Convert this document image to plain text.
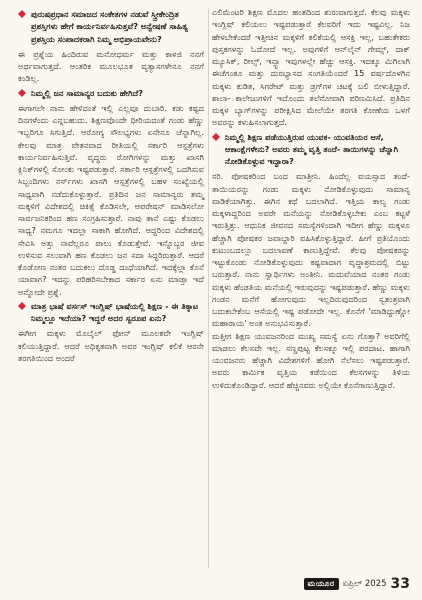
ಪುರುಷಪ್ರಧಾನ ಸಮಾಜದ ಸಂಕೇತಗಳ ನಡುವೆ ಸ್ತ್ರೀಕೇಂದ್ರಿತ ಪ್ರಶಸ್ತಿಗಳು ಹೇಗೆ ಕಾರ್ಯನಿರ್ವಹಿಸುತ್ತವೆ? ಅನ್ವೇಷಣೆ ಸಾಹಿತ್ಯ ಪ್ರಶಸ್ತಿಯ ಸಂಪಾದಕರಾಗಿ ನಿಮ್ಮ ಅಭಿಪ್ರಾಯವೇನು?

ಈ ಪ್ರಶ್ನೆಯ ಹಿಂದಿರುವ ಮನೋಧರ್ಮ ಮತ್ತು ಕಾಳಜಿ ನನಗೆ ಅರ್ಥವಾಗುತ್ತದೆ. ಆಂತರಿಕ ಮೂಲಭೂತ ವ್ಯತ್ಯಾಸಗಳೇನೂ ನನಗೆ ಕಂಡಿಲ್ಲ.

ನಿಮ್ಮಲ್ಲಿ ಜನ ಸಾಮಾನ್ಯರ ಬದುಕು ಹೇಗಿದೆ?

ಈಗಾಗಲೇ ನಾನು ಹೇಳಿದಂತೆ ಇಲ್ಲಿ ಎಲ್ಲವೂ ದುಬಾರಿ. ಕಡು ಕಷ್ಟದ ದಿನಗಳೆಂದು ಎನ್ನಬಹುದು. ಶಿಕ್ಷಣವೊಂದೇ ಧೀರಿಯದಂತೆ ಗಂಡು ಹೆಣ್ಣು ಇಬ್ಬರಿಗೂ ಸಿಗುತ್ತಿದೆ. ಆರೋಗ್ಯ ಸೌಲಭ್ಯಗಳು ಏನೇನೂ ಚೆನ್ನಾಗಿಲ್ಲ. ಕೇಲವು ಮಾತ್ರ ವೇತನವಾದ ರೀತಿಯಲ್ಲಿ ಸರ್ಕಾರಿ ಆಸ್ಪತ್ರೆಗಳು ಕಾರ್ಯನಿರ್ವಹಿಸುತ್ತಿವೆ. ವೃದ್ಧರು ರೋಗಿಗಳನ್ನು ಮತ್ತು ಖಾಸಗಿ ಕ್ಲಿನಿಕ್‌ಗಳಲ್ಲಿ ಸೋಂಕು ಇಷ್ಟಪಡುತ್ತಾರೆ. ಸರ್ಕಾರಿ ಆಸ್ಪತ್ರೆಗಳಲ್ಲಿ ಒದಗಿಸುವ ಸಿಬ್ಬಂದಿಗಳು ನರ್ಸ್‌ಗಳು ಖಾಸಗಿ ಆಸ್ಪತ್ರೆಗಳಲ್ಲಿ ಬಹಳ ಸಂಖ್ಯೆಯಲ್ಲಿ ಸಾಧ್ಯವಾಗಿ ನಡೆದುಕೊಳ್ಳುತ್ತಾರೆ. ಪ್ರತಿದಿನ ಜನ ಸಾಮಾನ್ಯರು ತಮ್ಮ ಮಕ್ಕಳಿಗೆ ವಿದೇಶದಲ್ಲಿ ಚಿಕಿತ್ಸೆ ಕೊಡಿಸಲೇ, ಆಪರೇಷನ್ ಮಾಡಿಸಲೋ ಸಾರ್ವಜನಿಕರಿಂದ ಹಣ ಸಂಗ್ರಹಿಸುತ್ತಾರೆ. ನಾವು ತಾನೆ ಎಷ್ಟು ಕೊಡಲು ಸಾಧ್ಯ? ನಮಗೂ ಇದಲ್ಲಾ ಸಾಕಾಗಿ ಹೋಗಿದೆ. ಆದ್ದರಿಂದ ವಿದೇಶದಲ್ಲಿ ಸೇವಿಸಿ ಅತ್ತು ನಾವೆಲ್ಲರೂ ಪಾಲು ಕೊಡುತ್ತೇವೆ. ಇನ್ನೊಬ್ಬರ ಜೀವ ಉಳಿಸುವ ಸಲುವಾಗಿ ಹಣ ಕೊಡಲು ಜನ ಸದಾ ಸಿದ್ಧರಿರುತ್ತಾರೆ. ಆದರೆ ಕೊಡೋಣ ನಂತರ ಬದುಕಲು ದೊಡ್ಡ ದಂಧೆಯಾಗಿದೆ. ಇದಕ್ಕೆಲ್ಲಾ ಕೊನೆ ಯಾವಾಗ? ಇದನ್ನು ಪರಿಹರಿಸಬೇಕಾದ ಸರ್ಕಾರ ಏನು ಮಾಡ್ತಾ ಇದೆ ಅನ್ನೋದೇ ಪ್ರಶ್ನೆ.

ಮಾತ್ರ ಭಾಷೆ ವರ್ಸಸ್ ಇಂಗ್ಲಿಷ್ ಭಾಷೆಯಲ್ಲಿ ಶಿಕ್ಷಣ - ಈ ತಿಕ್ಕಾಟ ನಿಮ್ಮಲ್ಲೂ ಇದೆಯಾ? ಇದ್ದರೆ ಅದರ ಸ್ವರೂಪ ಏನು?

ಈಗೀಗ ಮಕ್ಕಳು ಮೊಬೈಲ್‌ ಫೋನ್ ಮೂಲಕವೇ ಇಂಗ್ಲಿಷ್ ಕಲಿಯುತ್ತಿದ್ದಾರೆ. ಆದರೆ ಅಧಿಕೃತವಾಗಿ ಅವರ ಇಂಗ್ಲಿಷ್ ಕಲಿಕೆ ಆರನೇ ತರಗತಿಯಿಂದ ಅಂದರೆ

ಎಲಿಮೆಂಟರಿ ಶಿಕ್ಷಣ ಮೊದಲ ಹಂತದಿಂದ ಶುರುವಾಗುತ್ತದೆ. ಕೆಲವು ಮಕ್ಕಳು ಇಂಗ್ಲಿಷ್ ಕಲಿಯಲು ಇಷ್ಟಪಡುತ್ತಾರೆ ಕೆಲವರಿಗೆ ಇದು ಇಷ್ಟವಿಲ್ಲ. ನಿಜ ಹೇಳಬೇಕೆಂದರೆ ಇತ್ತೀಚಿನ ಮಕ್ಕಳಿಗೆ ಕಲಿಕೆಯಲ್ಲಿ ಆಸಕ್ತಿ ಇಲ್ಲ, ಬಹುತೇಕರು ಪುಸ್ತಕಗಳನ್ನು ಓದೋದೆ ಇಲ್ಲ. ಅವುಗಳಿಗೆ ಆನ್‌ಲೈನ್ ಗೇಮ್ಸ್, ದಾಕ್ ಮ್ಯೂಸಿಕ್, ರೀಲ್ಸ್, ಇನ್ಸ್ಟಾ ಇವುಗಳಲ್ಲೇ ಹೆಚ್ಚು ಆಸಕ್ತಿ. ಇದಕ್ಕೂ ಮಿಗಿಲಾಗಿ ಈಚೆಗಂತೂ ಮತ್ತು ದುರಭ್ಯಾಸದ ಸಂಗತಿಯೆಂದರೆ 15 ವರ್ಷದೊಳಗಿನ ಮಕ್ಕಳು ಕುಡಿತ, ಸಿಗರೇಟ್ ಮತ್ತು ಡ್ರಗ್‌ಗಳ ಚಟಕ್ಕೆ ಬಲಿ ಬೀಳುತ್ತಿದ್ದಾರೆ. ಶಾಲಾ- ಕಾಲೇಜುಗಳಿಗೆ ಇದೊಂದು ತಲೆನೋವಾಗಿ ಪರಿಣಮಿಸಿದೆ. ಪ್ರತಿದಿನ ಮಕ್ಕಳ ಬ್ಯಾಗ್‌ಗಳನ್ನು ಪರೀಕ್ಷಿಸಿದ ಮೇಲೆಯೇ ತರಗತಿ ಕೋಣೆಯ ಒಳಗೆ ಅವರನ್ನು ಕಳುಹಿಸಲಾಗುತ್ತದೆ.

ನಿಮ್ಮಲ್ಲಿ ಶಿಕ್ಷಣ ಪಡೆಯುತ್ತಿರುವ ಯುವಕ- ಯುವತಿಯರ ಆಸೆ, ಆಕಾಂಕ್ಷೆಗಳೇನು? ಅವರು ತಮ್ಮ ವೃತ್ತಿ ತಂದೆ- ತಾಯಿಗಳನ್ನು ಚೆನ್ನಾಗಿ ನೋಡಿಕೊಳ್ಳುವ ಇದ್ದಾರಾ?

ಸರಿ. ಪೋಷಕರಿಂದ ಬಂದ ಮಾತ್ರೀನಿ. ಹಿಂದೆಲ್ಲ ವಯಸ್ಸಾದ ತಂದೆ-ತಾಯಿಯರನ್ನು ಗಂಡು ಮಕ್ಕಳು ನೋಡಿಕೊಳ್ಳುವುದು ಸಾಮಾನ್ಯ ವಾಡಿಕೆಯಾಗಿತ್ತು. ಈಗಿನ ಕಥೆ ಬದಲಾಗಿದೆ. ಇತ್ತಿಯ ಕಾಲ್ಯ ಗಂಡು ಮಕ್ಕಳಾದ್ದರಿಂದ ಅವರೇ ಮನೆಯನ್ನು ನೋಡಿಕೊಳ್ಳಬೇಕು ಎಂಬ ಕಟ್ಟಳೆ ಇರುತ್ತಿತ್ತು. ಆಧುನಿಕ ಜೀವನದ ಸಮಸ್ಯೆಗಳಿಂದಾಗಿ ಇದೀಗ ಹೆಣ್ಣು ಮಕ್ಕಳೂ ಹೆಚ್ಚಾಗಿ ಪೋಷಕರ ಜವಾಬ್ದಾರಿ ವಹಿಸಿಕೊಳ್ಳುತ್ತಿದ್ದಾರೆ. ಹೀಗೆ ಪ್ರತಿಯೊಂದು ಕುಟುಂಬದಲ್ಲೂ ಬದಲಾವಣೆ ಕಾಣುತ್ತಿದ್ದೇವೆ. ಕೆಲವು ಪೋಷಕರನ್ನು ಇಟ್ಟುಕೊಂಡು ನೋಡಿಕೊಳ್ಳುವುದು ಕಷ್ಟವಾದಾಗ ವೃದ್ಧಾಶ್ರಮದಲ್ಲಿ ಬಿಟ್ಟು ಬರುತ್ತಾರೆ. ನಾನು ಸ್ವಾರ್ಥಿಗಳು ಅಂತೀನಿ. ಮದುವೆಯಾದ ನಂತರ ಗಂಡು ಮಕ್ಕಳು ಹೆಂಡತಿಯ ಮನೆಯಲ್ಲಿ ಇರುವುದನ್ನು ಇಷ್ಟಪಡುತ್ತಾರೆ. ಹೆಣ್ಣು ಮಕ್ಕಳು ಗಂಡನ ಮನೆಗೆ ಹೋಗುವುದು ಇಲ್ಲದಿರುವುದರಿಂದ ಸ್ವತಂತ್ರವಾಗಿ ಬದುಕಬೇಕೆಂಬ ಆಸೆಯಲ್ಲಿ ಇಷ್ಟ ಪಡೋದೇ ಇಲ್ಲ. ಕೊನೆಗೆ 'ಮಾಡಿದ್ದುಣ್ಣೋ ಮಹಾರಾಯ' ಅಂತ ಅನುಭವಿಸುತ್ತಾರೆ.

ಮತ್ತೀಗ ಶಿಕ್ಷಣ ಯುವಜನರಿಂದ ಮುಖ್ಯ ಸಮಸ್ಯೆ ಏನು ಗೊತ್ತಾ? ಅವರಿಗೆಲ್ಲಿ ಮಾಡಲು ಕೆಲಸವೇ ಇಲ್ಲ. ಸಣ್ಣಪುಟ್ಟ ಕೆಲಸಕ್ಕೂ ಇಲ್ಲಿ ಪರದಾಟ. ಹಾಗಾಗಿ ಯುವಜನರು ಹೆಚ್ಚಾಗಿ ವಿದೇಶಗಳಿಗೆ ಹೋಗಿ ನೆಲೆಸಲು ಇಷ್ಟಪಡುತ್ತಾರೆ. ಅವರು ಕಾರ್ಮಿಕ ವೃತ್ತಿಯ ಕಡೆಯಿಂದ ಕೆಲಸಗಳನ್ನು ತಿಳಿಯ ಉಳಿದುಕೊಂಡಿದ್ದಾರೆ. ಆದರೆ ಹೆಚ್ಚಿನವರು ಅಲ್ಲಿಯೇ ಕೊನೆಗಾಣುತ್ತಿದ್ದಾರೆ.

ಮಯೂರ ಏಪ್ರಿಲ್ 2025 33
